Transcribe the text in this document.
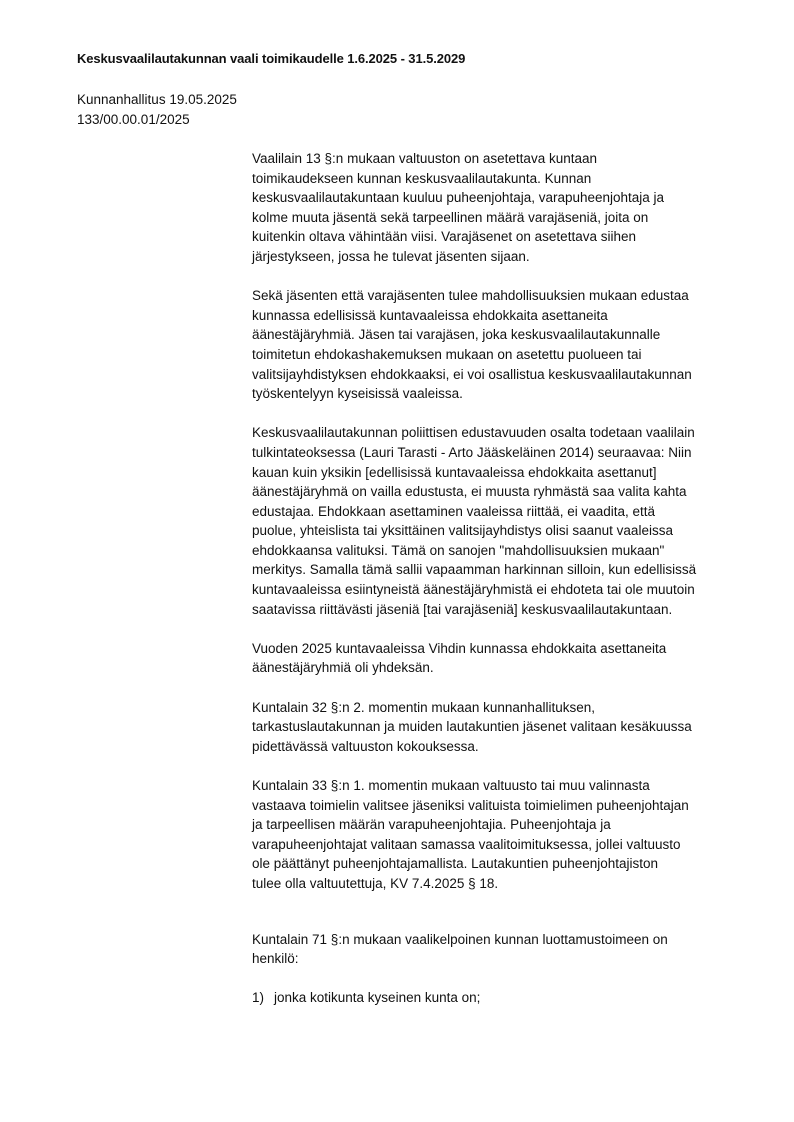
Keskusvaalilautakunnan vaali toimikaudelle 1.6.2025 - 31.5.2029
Kunnanhallitus 19.05.2025
133/00.00.01/2025

Vaalilain 13 §:n mukaan valtuuston on asetettava kuntaan
toimikaudekseen kunnan keskusvaalilautakunta. Kunnan
keskusvaalilautakuntaan kuuluu puheenjohtaja, varapuheenjohtaja ja
kolme muuta jäsentä sekä tarpeellinen määrä varajäseniä, joita on
kuitenkin oltava vähintään viisi. Varajäsenet on asetettava siihen
järjestykseen, jossa he tulevat jäsenten sijaan.

Sekä jäsenten että varajäsenten tulee mahdollisuuksien mukaan edustaa
kunnassa edellisissä kuntavaaleissa ehdokkaita asettaneita
äänestäjäryhmiä. Jäsen tai varajäsen, joka keskusvaalilautakunnalle
toimitetun ehdokashakemuksen mukaan on asetettu puolueen tai
valitsijayhdistyksen ehdokkaaksi, ei voi osallistua keskusvaalilautakunnan
työskentelyyn kyseisissä vaaleissa.

Keskusvaalilautakunnan poliittisen edustavuuden osalta todetaan vaalilain
tulkintateoksessa (Lauri Tarasti - Arto Jääskeläinen 2014) seuraavaa: Niin
kauan kuin yksikin [edellisissä kuntavaaleissa ehdokkaita asettanut]
äänestäjäryhmä on vailla edustusta, ei muusta ryhmästä saa valita kahta
edustajaa. Ehdokkaan asettaminen vaaleissa riittää, ei vaadita, että
puolue, yhteislista tai yksittäinen valitsijayhdistys olisi saanut vaaleissa
ehdokkaansa valituksi. Tämä on sanojen "mahdollisuuksien mukaan"
merkitys. Samalla tämä sallii vapaamman harkinnan silloin, kun edellisissä
kuntavaaleissa esiintyneistä äänestäjäryhmistä ei ehdoteta tai ole muutoin
saatavissa riittävästi jäseniä [tai varajäseniä] keskusvaalilautakuntaan.

Vuoden 2025 kuntavaaleissa Vihdin kunnassa ehdokkaita asettaneita
äänestäjäryhmiä oli yhdeksän.

Kuntalain 32 §:n 2. momentin mukaan kunnanhallituksen,
tarkastuslautakunnan ja muiden lautakuntien jäsenet valitaan kesäkuussa
pidettävässä valtuuston kokouksessa.

Kuntalain 33 §:n 1. momentin mukaan valtuusto tai muu valinnasta
vastaava toimielin valitsee jäseniksi valituista toimielimen puheenjohtajan
ja tarpeellisen määrän varapuheenjohtajia. Puheenjohtaja ja
varapuheenjohtajat valitaan samassa vaalitoimituksessa, jollei valtuusto
ole päättänyt puheenjohtajamallista. Lautakuntien puheenjohtajiston
tulee olla valtuutettuja, KV 7.4.2025 § 18.

Kuntalain 71 §:n mukaan vaalikelpoinen kunnan luottamustoimeen on
henkilö:

1) jonka kotikunta kyseinen kunta on;
